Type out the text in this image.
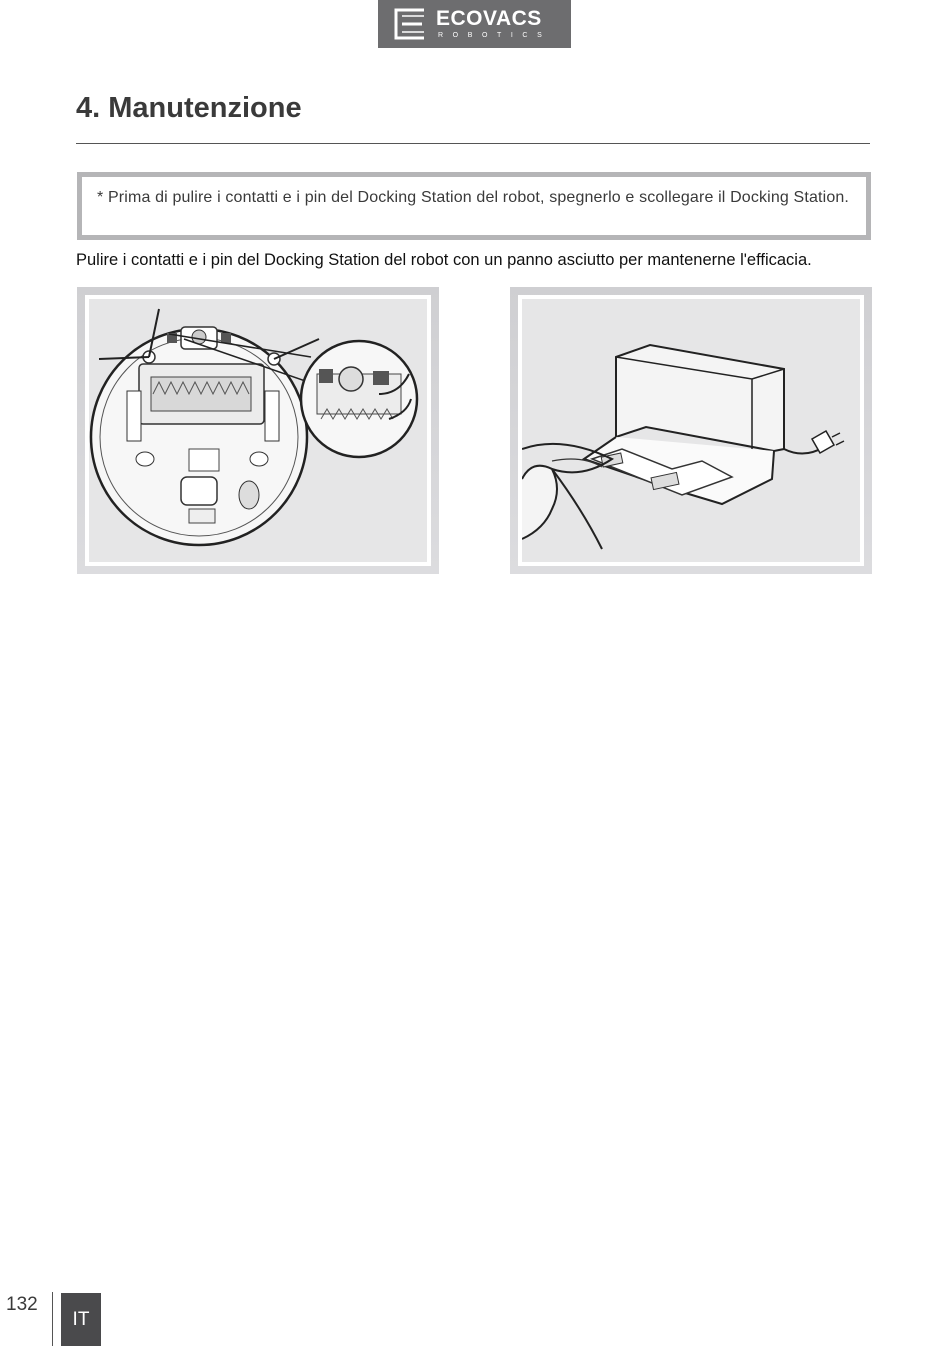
ECOVACS
ROBOTICS
4. Manutenzione

* Prima di pulire i contatti e i pin del Docking Station del robot, spegnerlo e scollegare il Docking Station.

Pulire i contatti e i pin del Docking Station del robot con un panno asciutto per mantenerne l'efficacia.

132
IT
